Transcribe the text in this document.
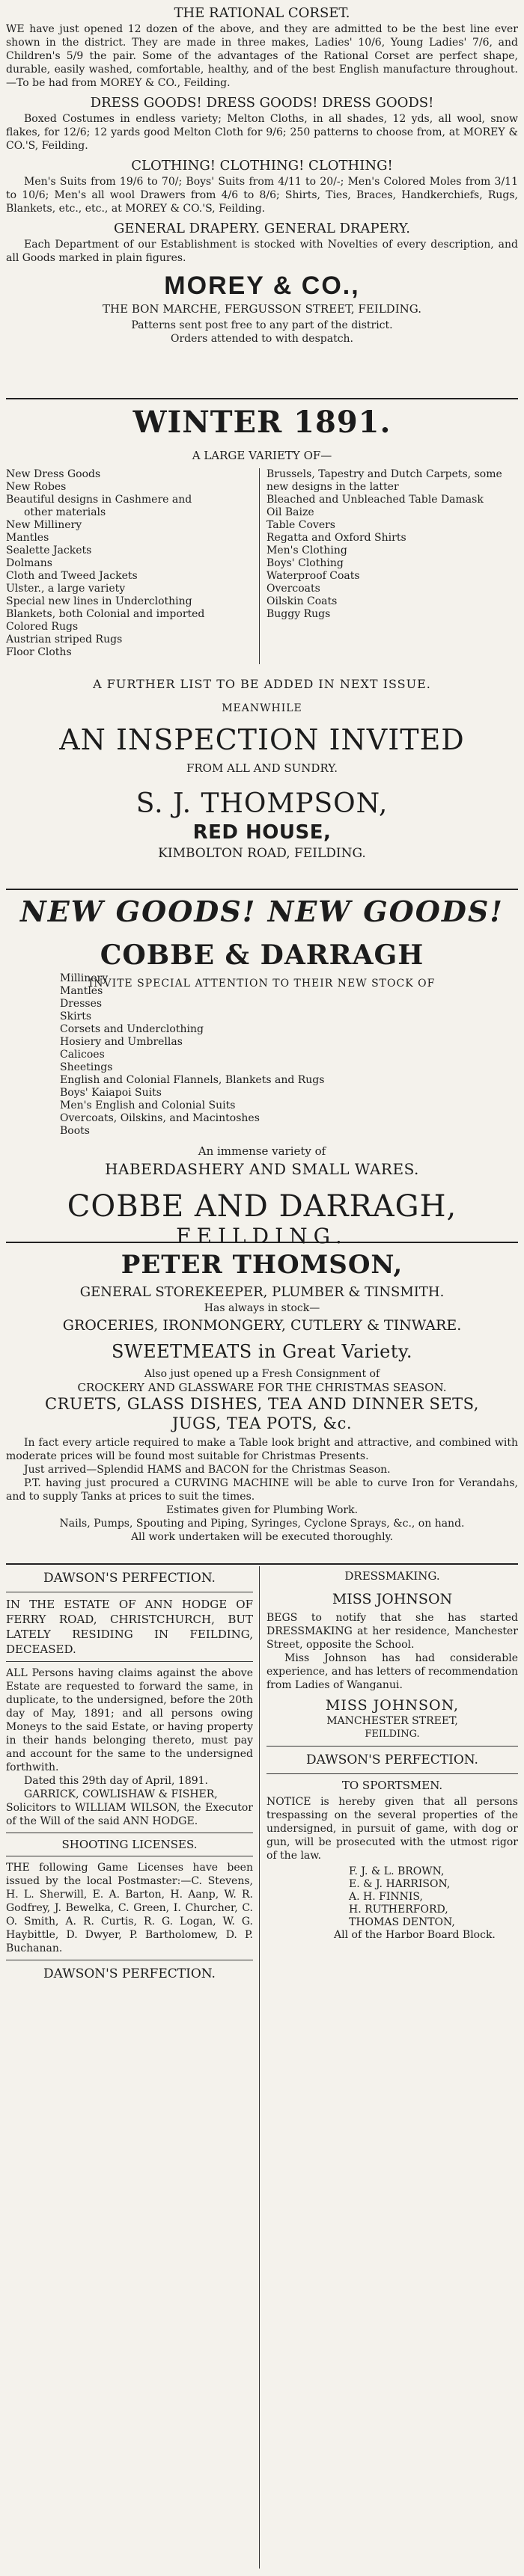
THE RATIONAL CORSET.

WE have just opened 12 dozen of the above, and they are admitted to be the best line ever shown in the district. They are made in three makes, Ladies' 10/6, Young Ladies' 7/6, and Children's 5/9 the pair. Some of the advantages of the Rational Corset are perfect shape, durable, easily washed, comfortable, healthy, and of the best English manufacture throughout.—To be had from MOREY & CO., Feilding.

DRESS GOODS! DRESS GOODS! DRESS GOODS!

Boxed Costumes in endless variety; Melton Cloths, in all shades, 12 yds, all wool, snow flakes, for 12/6; 12 yards good Melton Cloth for 9/6; 250 patterns to choose from, at MOREY & CO.'S, Feilding.

CLOTHING! CLOTHING! CLOTHING!

Men's Suits from 19/6 to 70/; Boys' Suits from 4/11 to 20/-; Men's Colored Moles from 3/11 to 10/6; Men's all wool Drawers from 4/6 to 8/6; Shirts, Ties, Braces, Handkerchiefs, Rugs, Blankets, etc., etc., at MOREY & CO.'S, Feilding.

GENERAL DRAPERY. GENERAL DRAPERY.

Each Department of our Establishment is stocked with Novelties of every description, and all Goods marked in plain figures.

MOREY & CO.,

THE BON MARCHE, FERGUSSON STREET, FEILDING.

Patterns sent post free to any part of the district.

Orders attended to with despatch.

WINTER 1891.

A LARGE VARIETY OF—

New Dress Goods
New Robes
Beautiful designs in Cashmere and
other materials
New Millinery
Mantles
Sealette Jackets
Dolmans
Cloth and Tweed Jackets
Ulster., a large variety
Special new lines in Underclothing
Blankets, both Colonial and imported
Colored Rugs
Austrian striped Rugs
Floor Cloths
Brussels, Tapestry and Dutch Carpets, some new designs in the latter
Bleached and Unbleached Table Damask
Oil Baize
Table Covers
Regatta and Oxford Shirts
Men's Clothing
Boys' Clothing
Waterproof Coats
Overcoats
Oilskin Coats
Buggy Rugs

A FURTHER LIST TO BE ADDED IN NEXT ISSUE.

MEANWHILE

AN INSPECTION INVITED

FROM ALL AND SUNDRY.

S. J. THOMPSON,

RED HOUSE,

KIMBOLTON ROAD, FEILDING.

NEW GOODS! NEW GOODS!

COBBE & DARRAGH

INVITE SPECIAL ATTENTION TO THEIR NEW STOCK OF

Millinery
Mantles
Dresses
Skirts
Corsets and Underclothing
Hosiery and Umbrellas
Calicoes
Sheetings
English and Colonial Flannels, Blankets and Rugs
Boys' Kaiapoi Suits
Men's English and Colonial Suits
Overcoats, Oilskins, and Macintoshes
Boots

An immense variety of

HABERDASHERY AND SMALL WARES.

COBBE AND DARRAGH,

FEILDING.

PETER THOMSON,

GENERAL STOREKEEPER, PLUMBER & TINSMITH.

Has always in stock—

GROCERIES, IRONMONGERY, CUTLERY & TINWARE.

SWEETMEATS in Great Variety.

Also just opened up a Fresh Consignment of

CROCKERY AND GLASSWARE FOR THE CHRISTMAS SEASON.

CRUETS, GLASS DISHES, TEA AND DINNER SETS,

JUGS, TEA POTS, &c.

In fact every article required to make a Table look bright and attractive, and combined with moderate prices will be found most suitable for Christmas Presents.

Just arrived—Splendid HAMS and BACON for the Christmas Season.

P.T. having just procured a CURVING MACHINE will be able to curve Iron for Verandahs, and to supply Tanks at prices to suit the times.

Estimates given for Plumbing Work.

Nails, Pumps, Spouting and Piping, Syringes, Cyclone Sprays, &c., on hand.

All work undertaken will be executed thoroughly.

DAWSON'S PERFECTION.

IN THE ESTATE OF ANN HODGE OF FERRY ROAD, CHRISTCHURCH, BUT LATELY RESIDING IN FEILDING, DECEASED.

ALL Persons having claims against the above Estate are requested to forward the same, in duplicate, to the undersigned, before the 20th day of May, 1891; and all persons owing Moneys to the said Estate, or having property in their hands belonging thereto, must pay and account for the same to the undersigned forthwith.

Dated this 29th day of April, 1891.

GARRICK, COWLISHAW & FISHER,

Solicitors to WILLIAM WILSON, the Executor of the Will of the said ANN HODGE.

SHOOTING LICENSES.

THE following Game Licenses have been issued by the local Postmaster:—C. Stevens, H. L. Sherwill, E. A. Barton, H. Aanp, W. R. Godfrey, J. Bewelka, C. Green, I. Churcher, C. O. Smith, A. R. Curtis, R. G. Logan, W. G. Haybittle, D. Dwyer, P. Bartholomew, D. P. Buchanan.

DAWSON'S PERFECTION.

DRESSMAKING.

MISS JOHNSON

BEGS to notify that she has started DRESSMAKING at her residence, Manchester Street, opposite the School.

Miss Johnson has had considerable experience, and has letters of recommendation from Ladies of Wanganui.

MISS JOHNSON,

MANCHESTER STREET,

FEILDING.

DAWSON'S PERFECTION.

TO SPORTSMEN.

NOTICE is hereby given that all persons trespassing on the several properties of the undersigned, in pursuit of game, with dog or gun, will be prosecuted with the utmost rigor of the law.

F. J. & L. BROWN,
E. & J. HARRISON,
A. H. FINNIS,
H. RUTHERFORD,
THOMAS DENTON,

All of the Harbor Board Block.
